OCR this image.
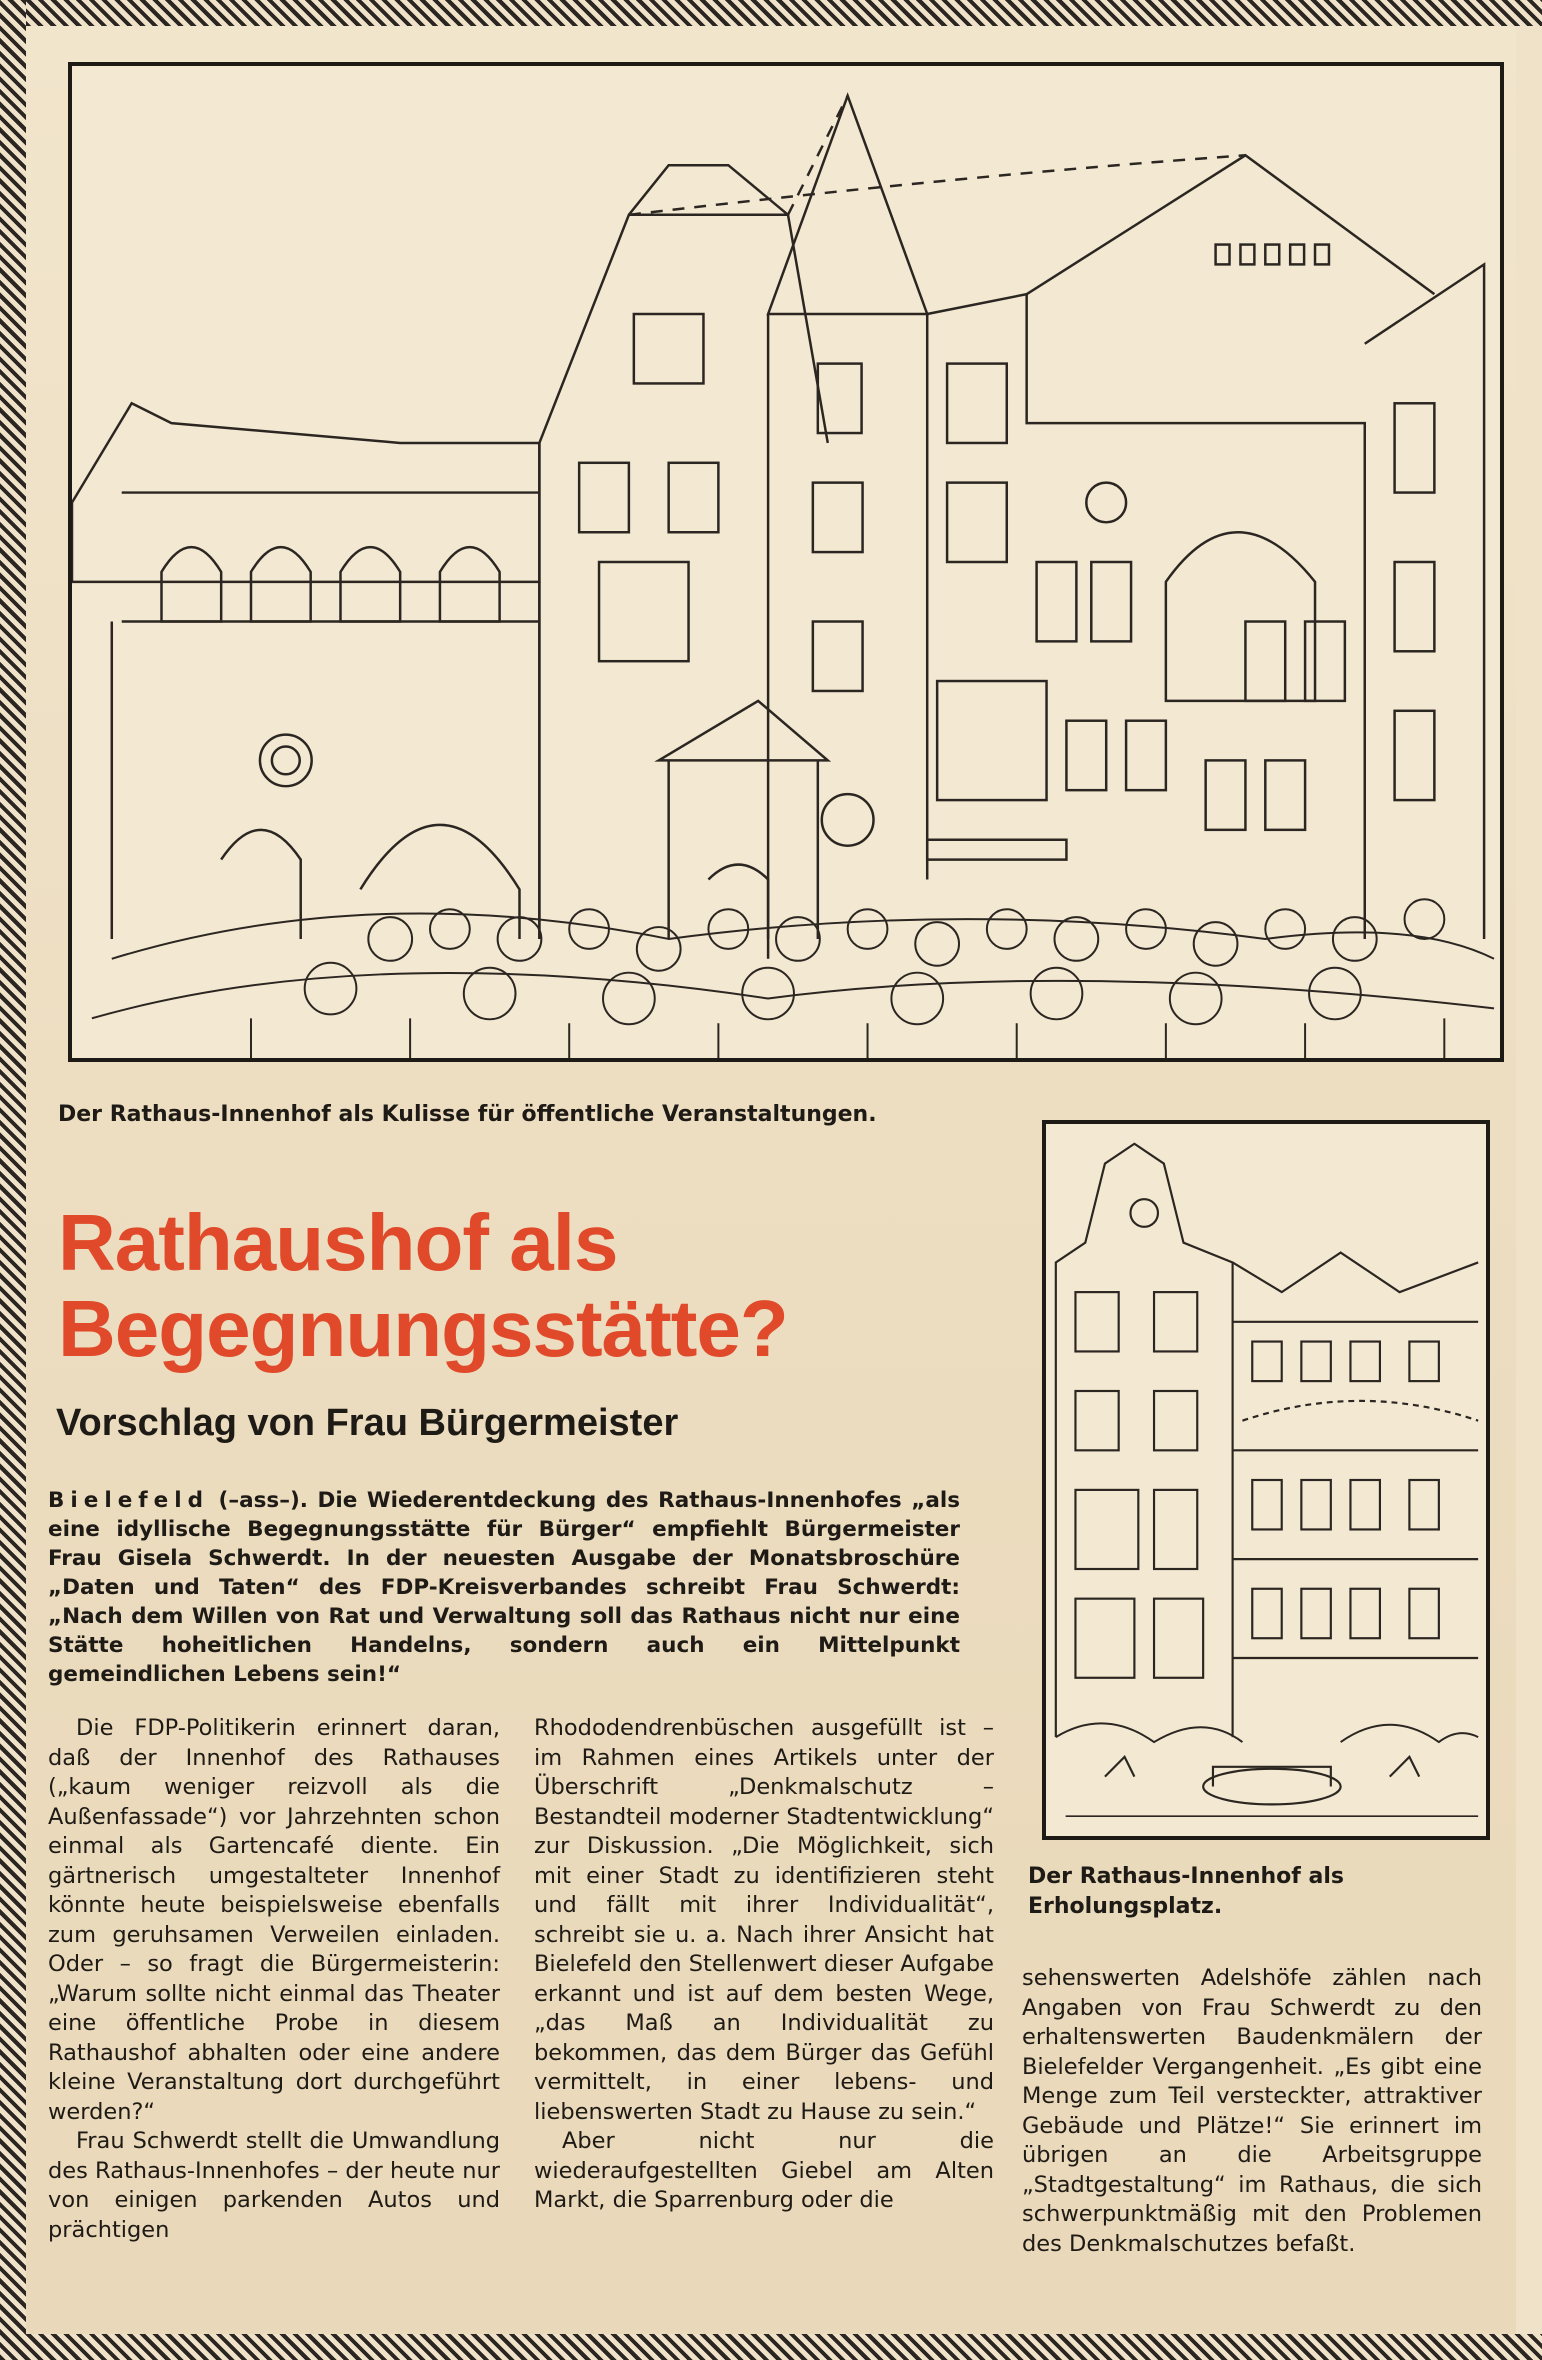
Der Rathaus-Innenhof als Kulisse für öffentliche Veranstaltungen.
Rathaushof als Begegnungsstätte?
Vorschlag von Frau Bürgermeister
Bielefeld (–ass–). Die Wiederentdeckung des Rathaus-Innenhofes „als eine idyllische Begegnungsstätte für Bürger“ empfiehlt Bürgermeister Frau Gisela Schwerdt. In der neuesten Ausgabe der Monatsbroschüre „Daten und Taten“ des FDP-Kreisverbandes schreibt Frau Schwerdt: „Nach dem Willen von Rat und Verwaltung soll das Rathaus nicht nur eine Stätte hoheitlichen Handelns, sondern auch ein Mittelpunkt gemeindlichen Lebens sein!“

Die FDP-Politikerin erinnert daran, daß der Innenhof des Rathauses („kaum weniger reizvoll als die Außenfassade“) vor Jahrzehnten schon einmal als Gartencafé diente. Ein gärtnerisch umgestalteter Innenhof könnte heute beispielsweise ebenfalls zum geruhsamen Verweilen einladen. Oder – so fragt die Bürgermeisterin: „Warum sollte nicht einmal das Theater eine öffentliche Probe in diesem Rathaushof abhalten oder eine andere kleine Veranstaltung dort durchgeführt werden?“

Frau Schwerdt stellt die Umwandlung des Rathaus-Innenhofes – der heute nur von einigen parkenden Autos und prächtigen

Rhododendrenbüschen ausgefüllt ist – im Rahmen eines Artikels unter der Überschrift „Denkmalschutz – Bestandteil moderner Stadtentwicklung“ zur Diskussion. „Die Möglichkeit, sich mit einer Stadt zu identifizieren steht und fällt mit ihrer Individualität“, schreibt sie u. a. Nach ihrer Ansicht hat Bielefeld den Stellenwert dieser Aufgabe erkannt und ist auf dem besten Wege, „das Maß an Individualität zu bekommen, das dem Bürger das Gefühl vermittelt, in einer lebens- und liebenswerten Stadt zu Hause zu sein.“

Aber nicht nur die wiederaufgestellten Giebel am Alten Markt, die Sparrenburg oder die

Der Rathaus-Innenhof als Erholungsplatz.

sehenswerten Adelshöfe zählen nach Angaben von Frau Schwerdt zu den erhaltenswerten Baudenkmälern der Bielefelder Vergangenheit. „Es gibt eine Menge zum Teil versteckter, attraktiver Gebäude und Plätze!“ Sie erinnert im übrigen an die Arbeitsgruppe „Stadtgestaltung“ im Rathaus, die sich schwerpunktmäßig mit den Problemen des Denkmalschutzes befaßt.
